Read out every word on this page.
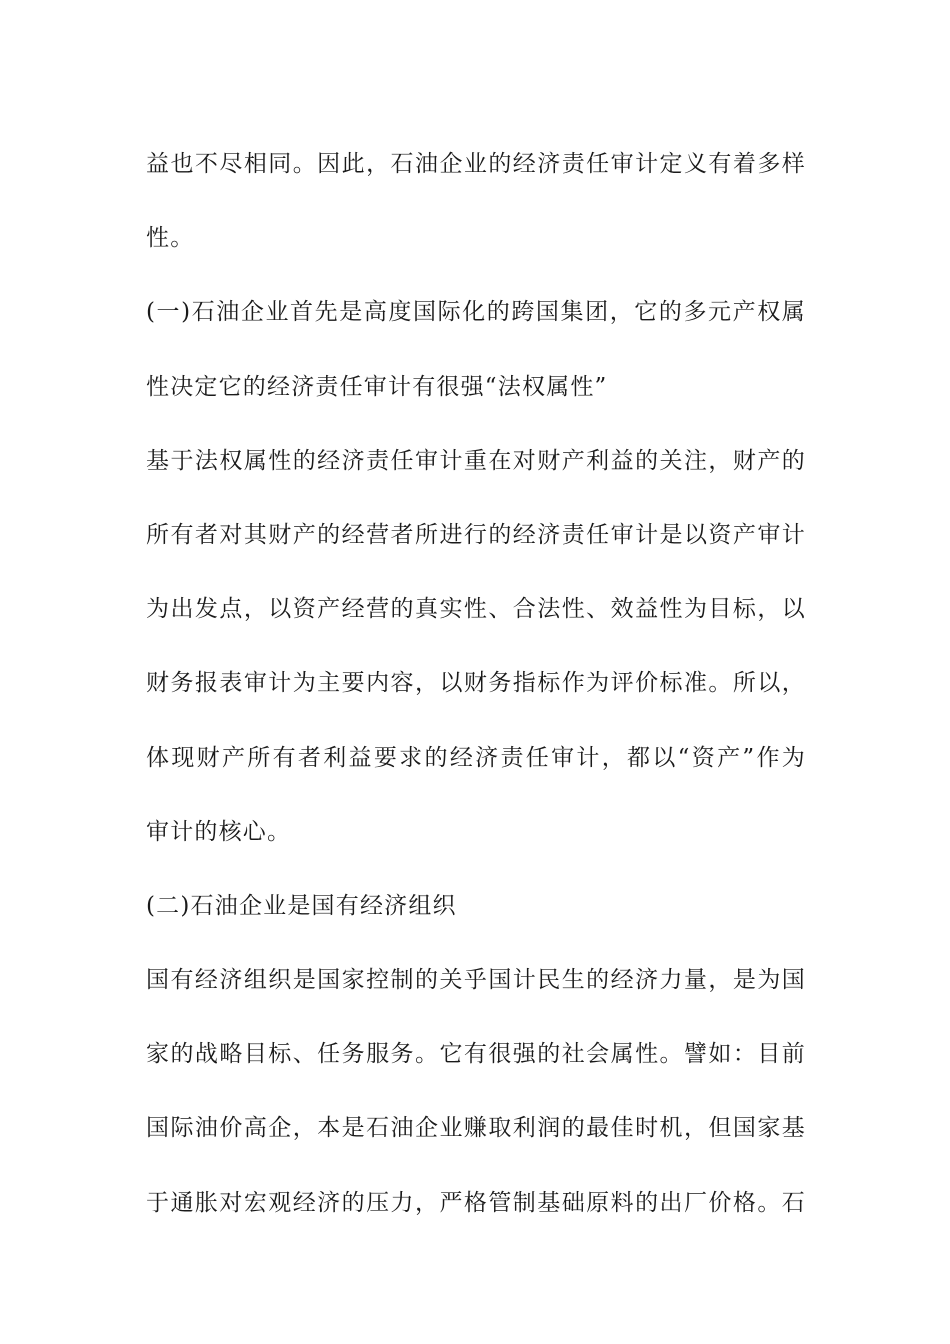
益也不尽相同。因此，石油企业的经济责任审计定义有着多样
性。
(一)石油企业首先是高度国际化的跨国集团，它的多元产权属
性决定它的经济责任审计有很强“法权属性”
基于法权属性的经济责任审计重在对财产利益的关注，财产的
所有者对其财产的经营者所进行的经济责任审计是以资产审计
为出发点，以资产经营的真实性、合法性、效益性为目标，以
财务报表审计为主要内容，以财务指标作为评价标准。所以，
体现财产所有者利益要求的经济责任审计，都以“资产”作为
审计的核心。
(二)石油企业是国有经济组织
国有经济组织是国家控制的关乎国计民生的经济力量，是为国
家的战略目标、任务服务。它有很强的社会属性。譬如：目前
国际油价高企，本是石油企业赚取利润的最佳时机，但国家基
于通胀对宏观经济的压力，严格管制基础原料的出厂价格。石
